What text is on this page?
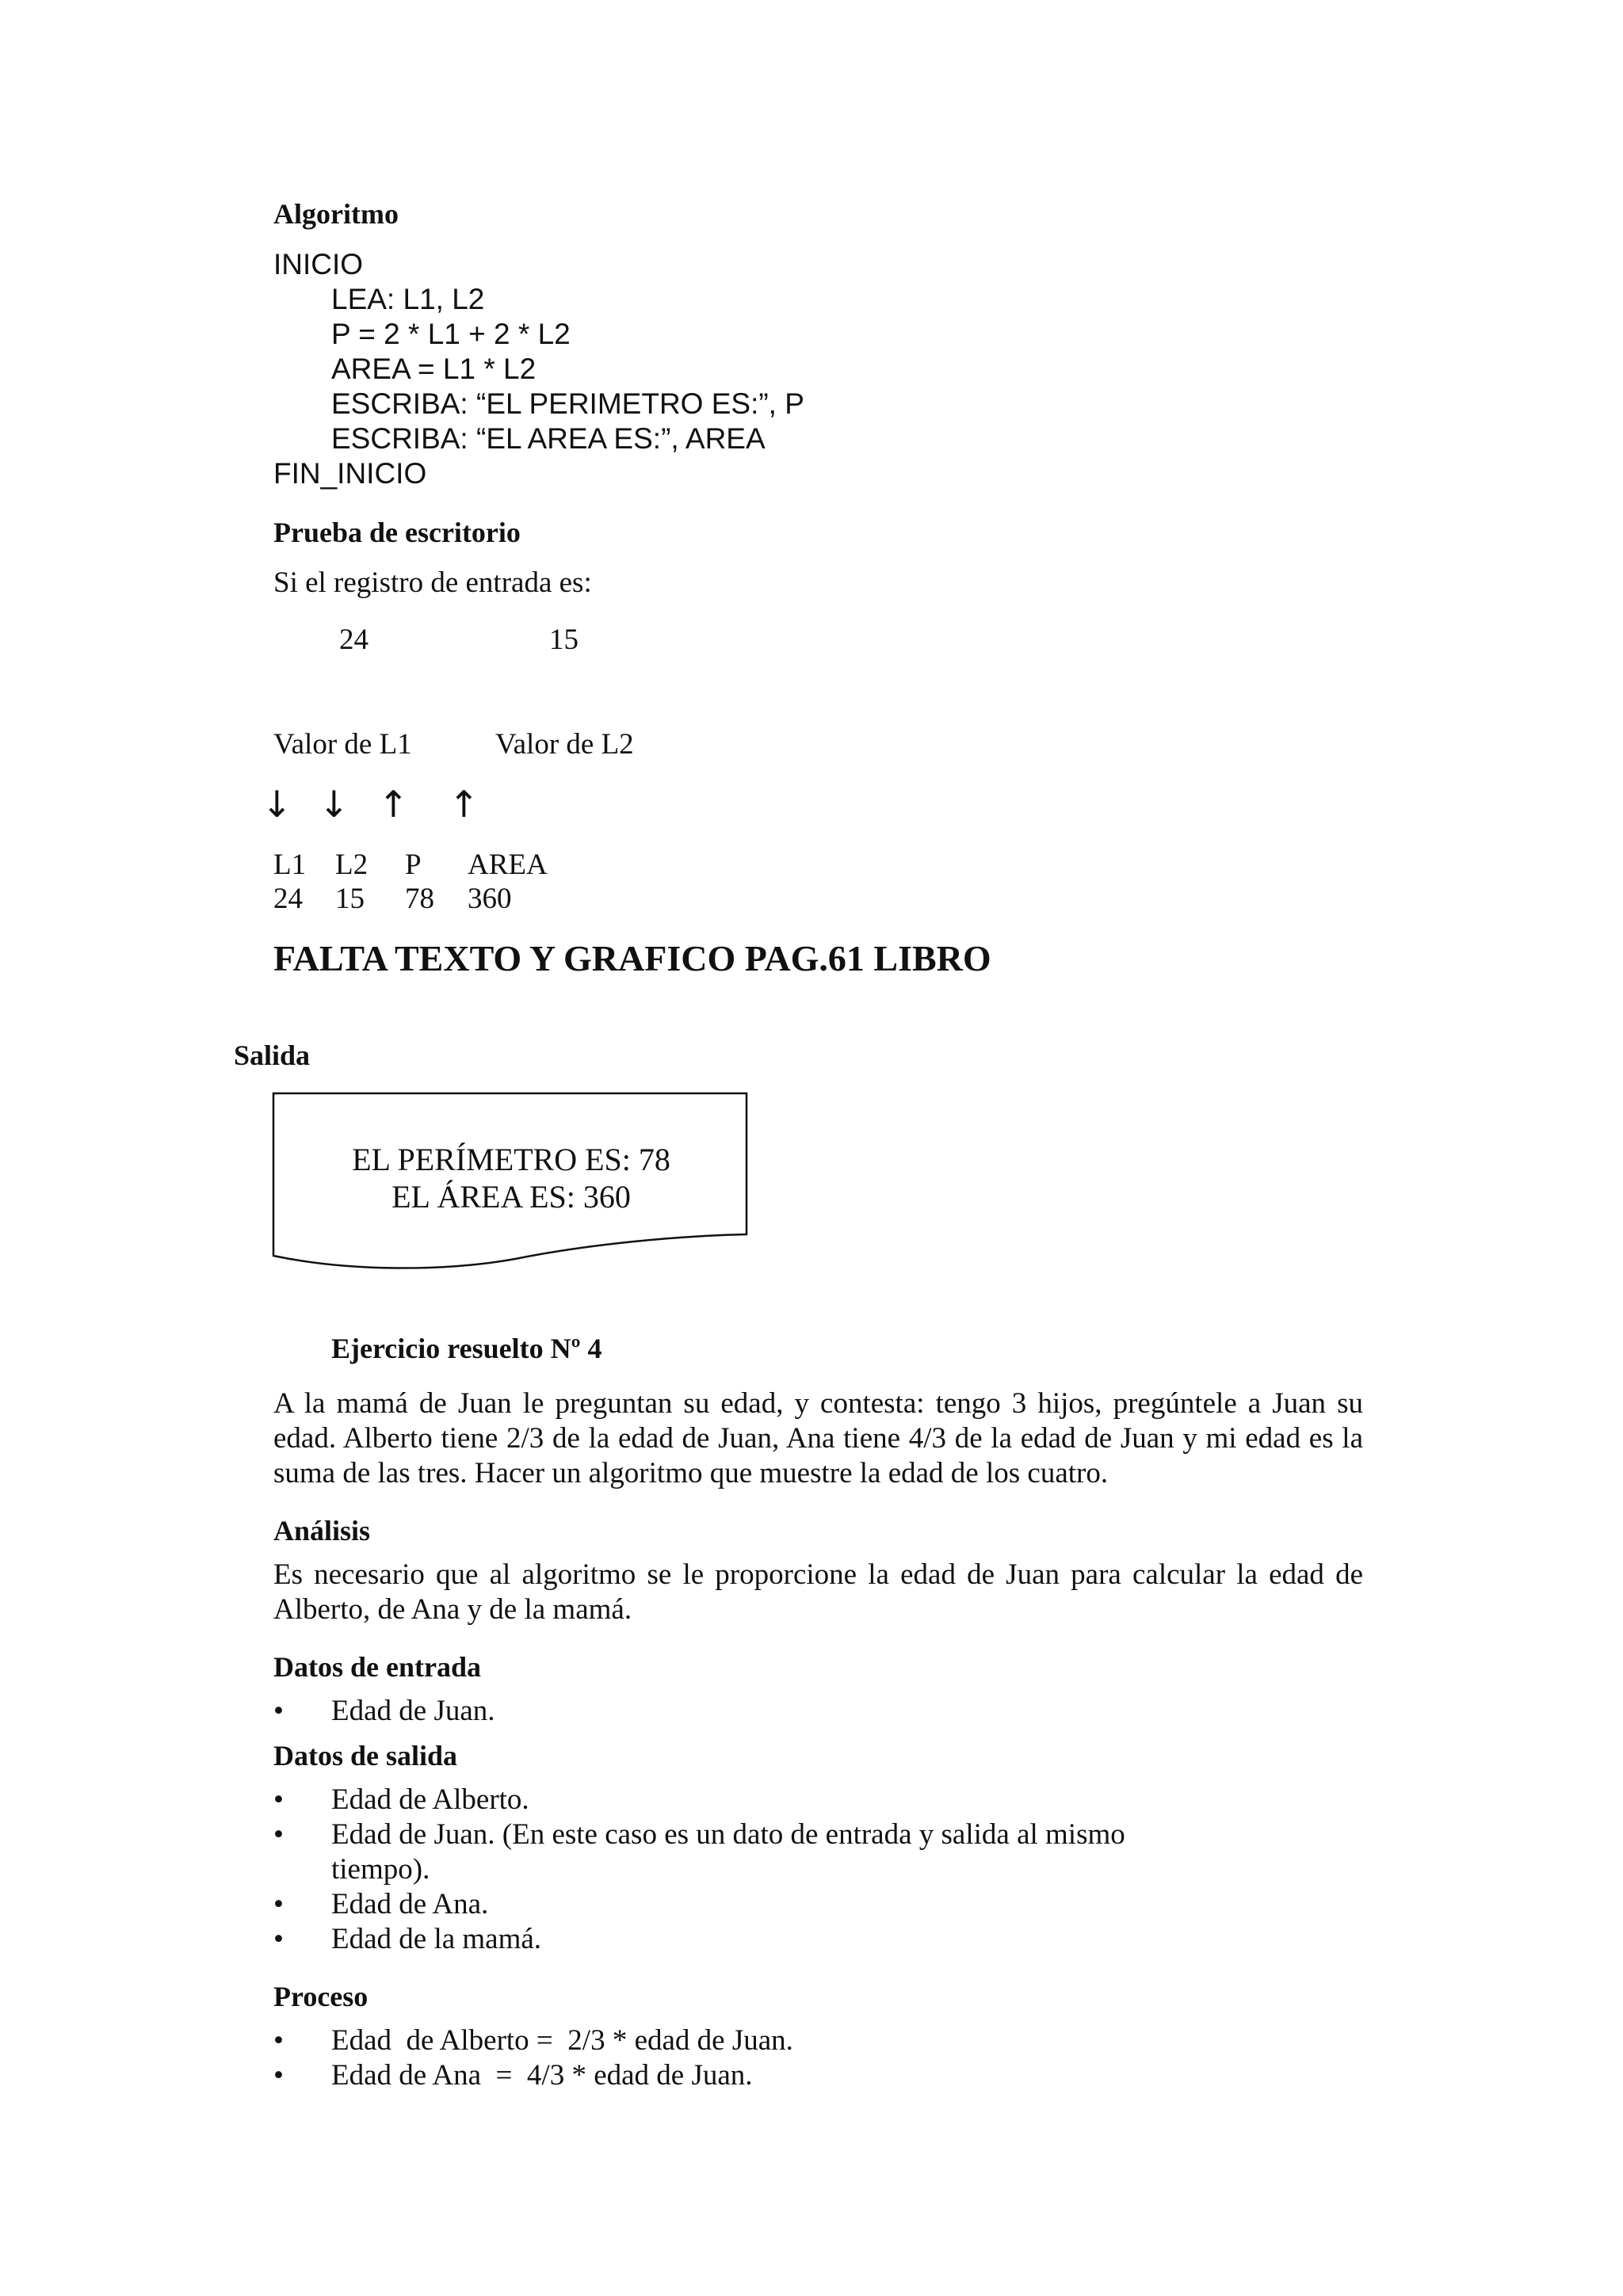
Algoritmo
INICIO
LEA: L1, L2
P = 2 * L1 + 2 * L2
AREA = L1 * L2
ESCRIBA: “EL PERIMETRO ES:”, P
ESCRIBA: “EL AREA ES:”, AREA
FIN_INICIO
Prueba de escritorio
Si el registro de entrada es:
24	15
Valor de L1	Valor de L2
↓ ↓ ↑ ↑
L1 L2 P AREA
24 15 78 360
FALTA TEXTO Y GRAFICO PAG.61 LIBRO
Salida
EL PERÍMETRO ES: 78
EL ÁREA ES: 360
Ejercicio resuelto Nº 4
A la mamá de Juan le preguntan su edad, y contesta: tengo 3 hijos, pregúntele a Juan su edad. Alberto tiene 2/3 de la edad de Juan, Ana tiene 4/3 de la edad de Juan y mi edad es la suma de las tres. Hacer un algoritmo que muestre la edad de los cuatro.
Análisis
Es necesario que al algoritmo se le proporcione la edad de Juan para calcular la edad de Alberto, de Ana y de la mamá.
Datos de entrada
• Edad de Juan.
Datos de salida
• Edad de Alberto.
• Edad de Juan. (En este caso es un dato de entrada y salida al mismo
tiempo).
• Edad de Ana.
• Edad de la mamá.
Proceso
• Edad  de Alberto =  2/3 * edad de Juan.
• Edad de Ana  =  4/3 * edad de Juan.
